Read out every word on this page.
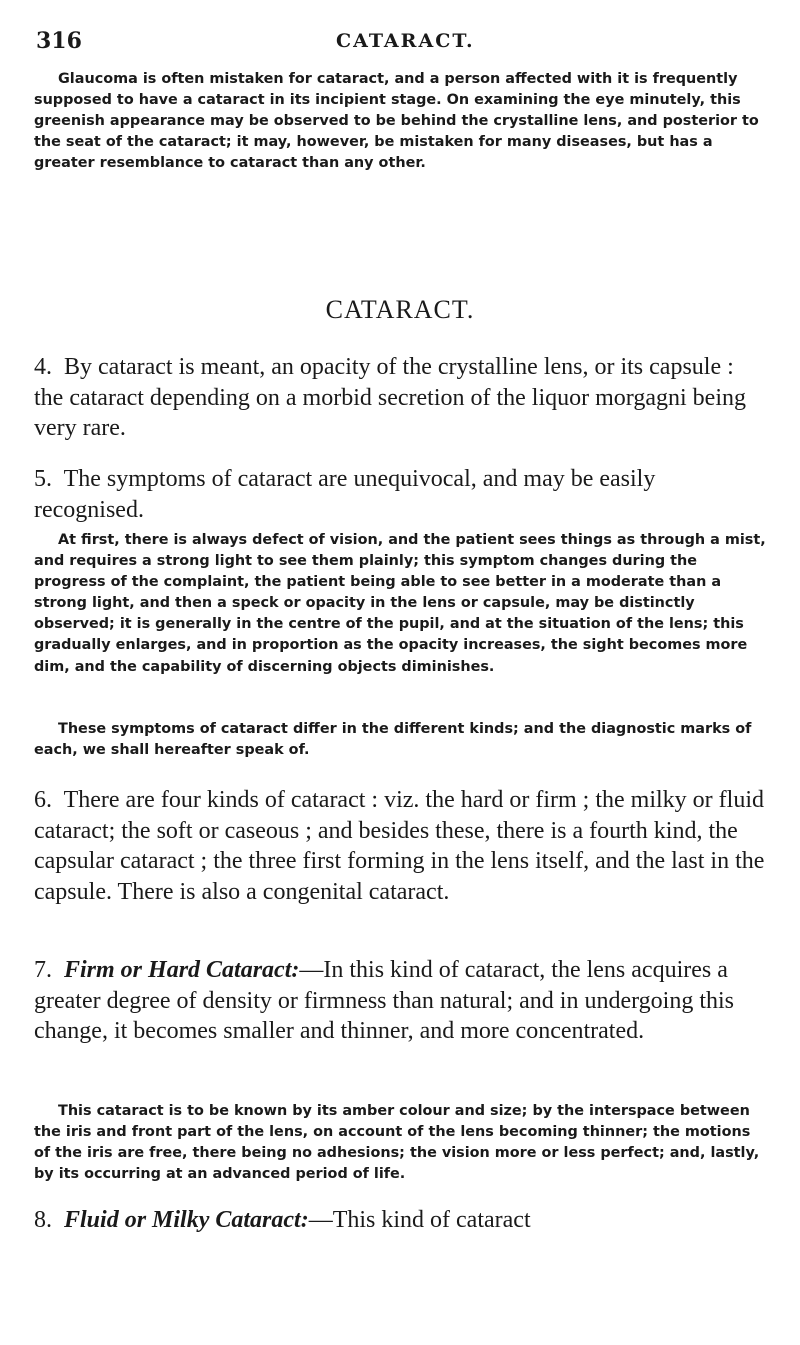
316	CATARACT.

Glaucoma is often mistaken for cataract, and a person affected with it is frequently supposed to have a cataract in its incipient stage. On examining the eye minutely, this greenish appearance may be observed to be behind the crystalline lens, and posterior to the seat of the cataract; it may, however, be mistaken for many diseases, but has a greater resemblance to cataract than any other.

CATARACT.

4. By cataract is meant, an opacity of the crystalline lens, or its capsule : the cataract depending on a morbid secretion of the liquor morgagni being very rare.

5. The symptoms of cataract are unequivocal, and may be easily recognised.

At first, there is always defect of vision, and the patient sees things as through a mist, and requires a strong light to see them plainly; this symptom changes during the progress of the complaint, the patient being able to see better in a moderate than a strong light, and then a speck or opacity in the lens or capsule, may be distinctly observed; it is generally in the centre of the pupil, and at the situation of the lens; this gradually enlarges, and in proportion as the opacity increases, the sight becomes more dim, and the capability of discerning objects diminishes.

These symptoms of cataract differ in the different kinds; and the diagnostic marks of each, we shall hereafter speak of.

6. There are four kinds of cataract : viz. the hard or firm ; the milky or fluid cataract; the soft or caseous ; and besides these, there is a fourth kind, the capsular cataract ; the three first forming in the lens itself, and the last in the capsule. There is also a congenital cataract.

7. Firm or Hard Cataract:—In this kind of cataract, the lens acquires a greater degree of density or firmness than natural; and in undergoing this change, it becomes smaller and thinner, and more concentrated.

This cataract is to be known by its amber colour and size; by the interspace between the iris and front part of the lens, on account of the lens becoming thinner; the motions of the iris are free, there being no adhesions; the vision more or less perfect; and, lastly, by its occurring at an advanced period of life.

8. Fluid or Milky Cataract:—This kind of cataract
